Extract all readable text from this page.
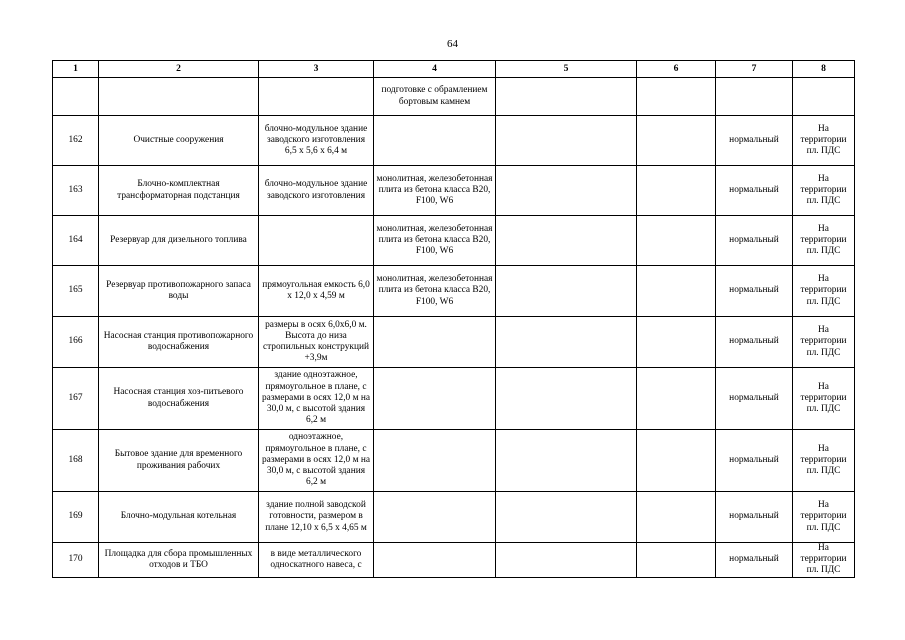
64
1	2	3	4	5	6	7	8
			подготовке с обрамлением бортовым камнем				
162	Очистные сооружения	блочно-модульное здание заводского изготовления 6,5 х 5,6 х 6,4 м				нормальный	На территории пл. ПДС
163	Блочно-комплектная трансформаторная подстанция	блочно-модульное здание заводского изготовления	монолитная, железобетонная плита из бетона класса В20, F100, W6			нормальный	На территории пл. ПДС
164	Резервуар для дизельного топлива		монолитная, железобетонная плита из бетона класса В20, F100, W6			нормальный	На территории пл. ПДС
165	Резервуар противопожарного запаса воды	прямоугольная емкость 6,0 х 12,0 х 4,59 м	монолитная, железобетонная плита из бетона класса В20, F100, W6			нормальный	На территории пл. ПДС
166	Насосная станция противопожарного водоснабжения	размеры в осях 6,0х6,0 м. Высота до низа стропильных конструкций +3,9м				нормальный	На территории пл. ПДС
167	Насосная станция хоз-питьевого водоснабжения	здание одноэтажное, прямоугольное в плане, с размерами в осях 12,0 м на 30,0 м, с высотой здания 6,2 м				нормальный	На территории пл. ПДС
168	Бытовое здание для временного проживания рабочих	одноэтажное, прямоугольное в плане, с размерами в осях 12,0 м на 30,0 м, с высотой здания 6,2 м				нормальный	На территории пл. ПДС
169	Блочно-модульная котельная	здание полной заводской готовности, размером в плане 12,10 х 6,5 х 4,65 м				нормальный	На территории пл. ПДС
170	Площадка для сбора промышленных отходов и ТБО	в виде металлического односкатного навеса, с				нормальный	На территории пл. ПДС
